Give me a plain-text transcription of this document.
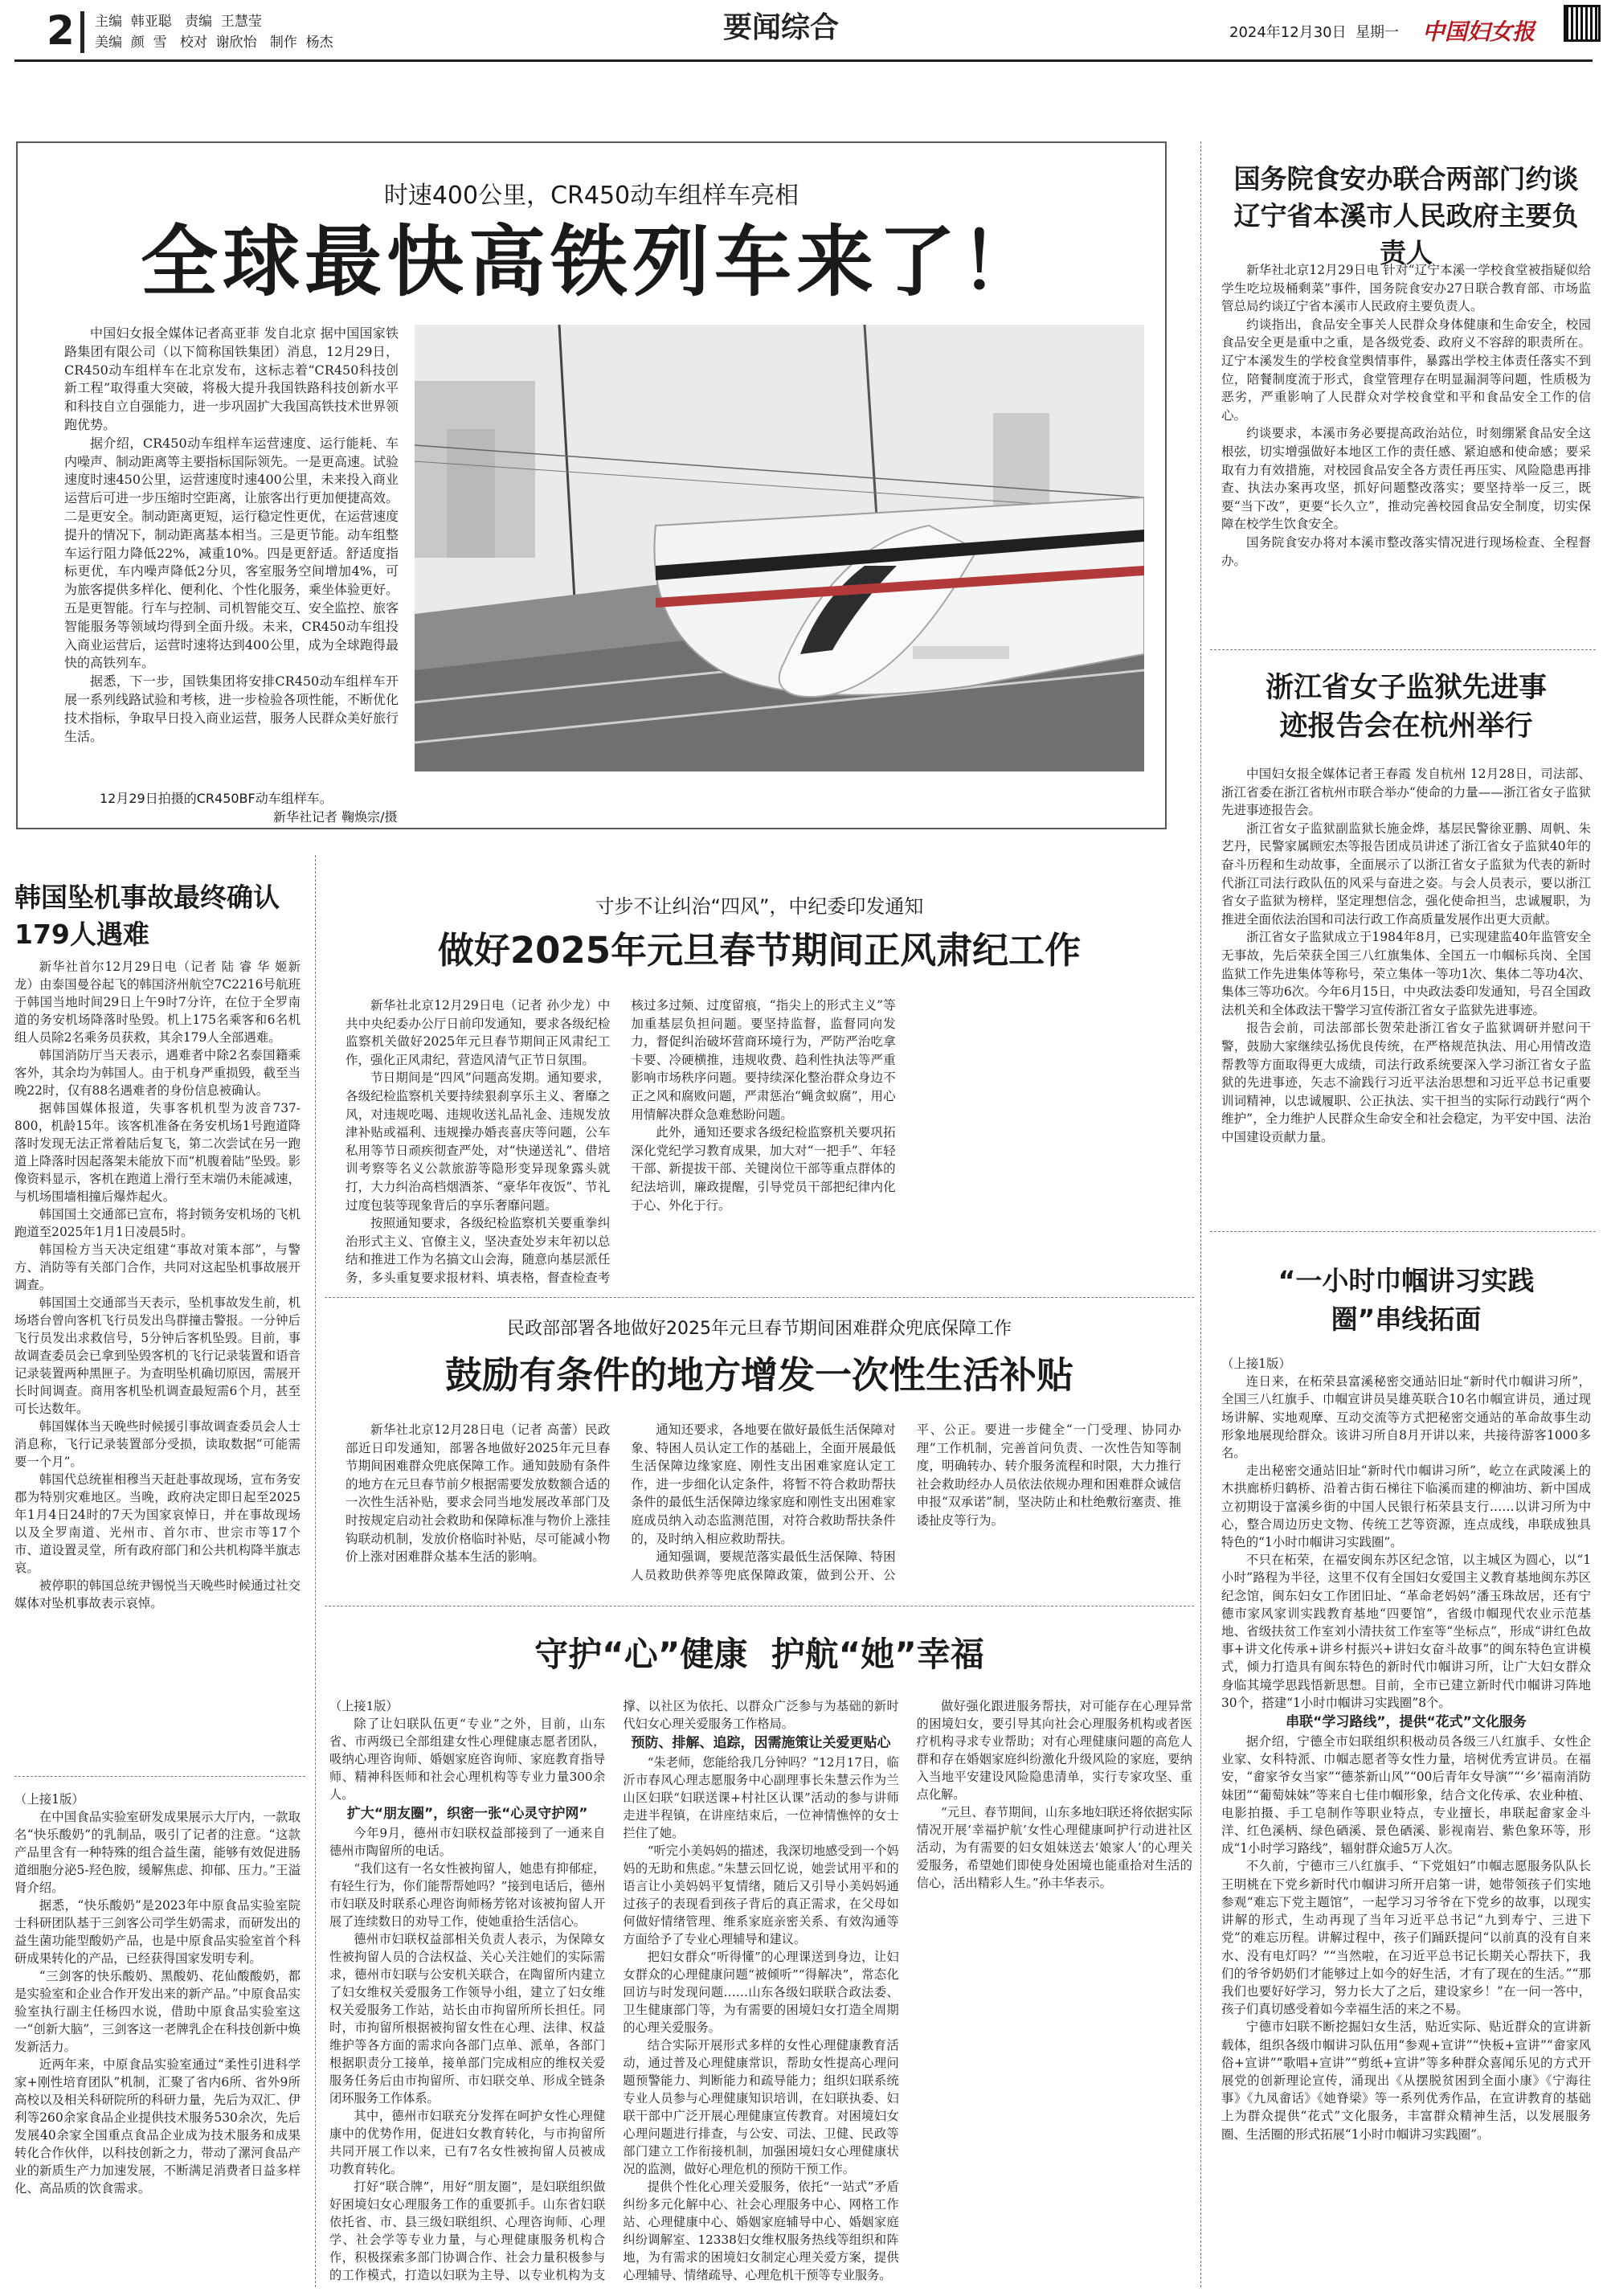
2 主编  韩亚聪   责编  王慧莹
美编  颜  雪   校对  谢欣怡   制作  杨杰	要闻综合	2024年12月30日  星期一 中国妇女报
时速400公里，CR450动车组样车亮相
全球最快高铁列车来了！

中国妇女报全媒体记者高亚菲 发自北京 据中国国家铁路集团有限公司（以下简称国铁集团）消息，12月29日，CR450动车组样车在北京发布，这标志着“CR450科技创新工程”取得重大突破，将极大提升我国铁路科技创新水平和科技自立自强能力，进一步巩固扩大我国高铁技术世界领跑优势。

据介绍，CR450动车组样车运营速度、运行能耗、车内噪声、制动距离等主要指标国际领先。一是更高速。试验速度时速450公里，运营速度时速400公里，未来投入商业运营后可进一步压缩时空距离，让旅客出行更加便捷高效。二是更安全。制动距离更短，运行稳定性更优，在运营速度提升的情况下，制动距离基本相当。三是更节能。动车组整车运行阻力降低22%，减重10%。四是更舒适。舒适度指标更优，车内噪声降低2分贝，客室服务空间增加4%，可为旅客提供多样化、便利化、个性化服务，乘坐体验更好。五是更智能。行车与控制、司机智能交互、安全监控、旅客智能服务等领域均得到全面升级。未来，CR450动车组投入商业运营后，运营时速将达到400公里，成为全球跑得最快的高铁列车。

据悉，下一步，国铁集团将安排CR450动车组样车开展一系列线路试验和考核，进一步检验各项性能，不断优化技术指标，争取早日投入商业运营，服务人民群众美好旅行生活。

12月29日拍摄的CR450BF动车组样车。
新华社记者 鞠焕宗/摄
国务院食安办联合两部门约谈辽宁省本溪市人民政府主要负责人

新华社北京12月29日电 针对“辽宁本溪一学校食堂被指疑似给学生吃垃圾桶剩菜”事件，国务院食安办27日联合教育部、市场监管总局约谈辽宁省本溪市人民政府主要负责人。

约谈指出，食品安全事关人民群众身体健康和生命安全，校园食品安全更是重中之重，是各级党委、政府义不容辞的职责所在。辽宁本溪发生的学校食堂舆情事件，暴露出学校主体责任落实不到位，陪餐制度流于形式，食堂管理存在明显漏洞等问题，性质极为恶劣，严重影响了人民群众对学校食堂和平和食品安全工作的信心。

约谈要求，本溪市务必要提高政治站位，时刻绷紧食品安全这根弦，切实增强做好本地区工作的责任感、紧迫感和使命感；要采取有力有效措施，对校园食品安全各方责任再压实、风险隐患再排查、执法办案再攻坚，抓好问题整改落实；要坚持举一反三，既要“当下改”，更要“长久立”，推动完善校园食品安全制度，切实保障在校学生饮食安全。

国务院食安办将对本溪市整改落实情况进行现场检查、全程督办。

浙江省女子监狱先进事迹报告会在杭州举行

中国妇女报全媒体记者王春霞 发自杭州 12月28日，司法部、浙江省委在浙江省杭州市联合举办“使命的力量——浙江省女子监狱先进事迹报告会。

浙江省女子监狱副监狱长施金烨，基层民警徐亚鹏、周帆、朱艺丹，民警家属顾宏杰等报告团成员讲述了浙江省女子监狱40年的奋斗历程和生动故事，全面展示了以浙江省女子监狱为代表的新时代浙江司法行政队伍的风采与奋进之姿。与会人员表示，要以浙江省女子监狱为榜样，坚定理想信念，强化使命担当，忠诚履职，为推进全面依法治国和司法行政工作高质量发展作出更大贡献。

浙江省女子监狱成立于1984年8月，已实现建监40年监管安全无事故，先后荣获全国三八红旗集体、全国五一巾帼标兵岗、全国监狱工作先进集体等称号，荣立集体一等功1次、集体二等功4次、集体三等功6次。今年6月15日，中央政法委印发通知，号召全国政法机关和全体政法干警学习宣传浙江省女子监狱先进事迹。

报告会前，司法部部长贺荣赴浙江省女子监狱调研并慰问干警，鼓励大家继续弘扬优良传统，在严格规范执法、用心用情改造帮教等方面取得更大成绩，司法行政系统要深入学习浙江省女子监狱的先进事迹，矢志不渝践行习近平法治思想和习近平总书记重要训词精神，以忠诚履职、公正执法、实干担当的实际行动践行“两个维护”，全力维护人民群众生命安全和社会稳定，为平安中国、法治中国建设贡献力量。

“一小时巾帼讲习实践圈”串线拓面

（上接1版）

连日来，在柘荣县富溪秘密交通站旧址“新时代巾帼讲习所”，全国三八红旗手、巾帼宣讲员吴雄英联合10名巾帼宣讲员，通过现场讲解、实地观摩、互动交流等方式把秘密交通站的革命故事生动形象地展现给群众。该讲习所自8月开讲以来，共接待游客1000多名。

走出秘密交通站旧址“新时代巾帼讲习所”，屹立在武陵溪上的木拱廊桥归鹤桥、沿着古街石梯往下临溪而建的柳油坊、新中国成立初期设于富溪乡街的中国人民银行柘荣县支行……以讲习所为中心，整合周边历史文物、传统工艺等资源，连点成线，串联成独具特色的“1小时巾帼讲习实践圈”。

不只在柘荣，在福安闽东苏区纪念馆，以主城区为圆心，以“1小时”路程为半径，这里不仅有全国妇女爱国主义教育基地闽东苏区纪念馆，闽东妇女工作团旧址、“革命老妈妈”潘玉珠故居，还有宁德市家风家训实践教育基地“四要馆”，省级巾帼现代农业示范基地、省级扶贫工作室刘小清扶贫工作室等“坐标点”，形成“讲红色故事+讲文化传承+讲乡村振兴+讲妇女奋斗故事”的闽东特色宣讲模式，倾力打造具有闽东特色的新时代巾帼讲习所，让广大妇女群众身临其境学思践悟新思想。目前，全市已建立新时代巾帼讲习阵地30个，搭建“1小时巾帼讲习实践圈”8个。

串联“学习路线”，提供“花式”文化服务

据介绍，宁德全市妇联组织积极动员各级三八红旗手、女性企业家、女科特派、巾帼志愿者等女性力量，培树优秀宣讲员。在福安，“畲家爷女当家”“德茶新山风”“00后青年女导演”“‘乡’福南消防妹团”“葡萄妹妹”等来自七佳巾帼形象，结合文化传承、农业种植、电影拍摄、手工皂制作等职业特点，专业擅长，串联起畲家金斗洋、红色溪柄、绿色硒溪、景色硒溪、影视南岩、紫色象环等，形成“1小时学习路线”，辐射群众逾5万人次。

不久前，宁德市三八红旗手、“下党姐妇”巾帼志愿服务队队长王明桃在下党乡新时代巾帼讲习所开启第一讲，她带领孩子们实地参观“难忘下党主题馆”，一起学习习爷爷在下党乡的故事，以现实讲解的形式，生动再现了当年习近平总书记“九到寿宁、三进下党”的难忘历程。讲解过程中，孩子们踊跃提问“以前真的没有自来水、没有电灯吗？”“当然啦，在习近平总书记长期关心帮扶下，我们的爷爷奶奶们才能够过上如今的好生活，才有了现在的生活。”“那我们也要好好学习，努力长大了之后，建设家乡！”在一问一答中，孩子们真切感受着如今幸福生活的来之不易。

宁德市妇联不断挖掘妇女生活，贴近实际、贴近群众的宣讲新载体，组织各级巾帼讲习队伍用“参观+宣讲”“快板+宣讲”“畲家风俗+宣讲”“歌唱+宣讲”“剪纸+宣讲”等多种群众喜闻乐见的方式开展党的创新理论宣传，涌现出《从摆脱贫困到全面小康》《宁海往事》《九凤畲话》《她脊梁》等一系列优秀作品，在宣讲教育的基础上为群众提供“花式”文化服务，丰富群众精神生活，以发展服务圈、生活圈的形式拓展“1小时巾帼讲习实践圈”。

韩国坠机事故最终确认179人遇难

新华社首尔12月29日电（记者 陆 睿 华 姬新龙）由泰国曼谷起飞的韩国济州航空7C2216号航班于韩国当地时间29日上午9时7分许，在位于全罗南道的务安机场降落时坠毁。机上175名乘客和6名机组人员除2名乘务员获救，其余179人全部遇难。

韩国消防厅当天表示，遇难者中除2名泰国籍乘客外，其余均为韩国人。由于机身严重损毁，截至当晚22时，仅有88名遇难者的身份信息被确认。

据韩国媒体报道，失事客机机型为波音737-800，机龄15年。该客机准备在务安机场1号跑道降落时发现无法正常着陆后复飞，第二次尝试在另一跑道上降落时因起落架未能放下而“机腹着陆”坠毁。影像资料显示，客机在跑道上滑行至末端仍未能减速，与机场围墙相撞后爆炸起火。

韩国国土交通部已宣布，将封锁务安机场的飞机跑道至2025年1月1日凌晨5时。

韩国检方当天决定组建“事故对策本部”，与警方、消防等有关部门合作，共同对这起坠机事故展开调查。

韩国国土交通部当天表示，坠机事故发生前，机场塔台曾向客机飞行员发出鸟群撞击警报。一分钟后飞行员发出求救信号，5分钟后客机坠毁。目前，事故调查委员会已拿到坠毁客机的飞行记录装置和语音记录装置两种黑匣子。为查明坠机确切原因，需展开长时间调查。商用客机坠机调查最短需6个月，甚至可长达数年。

韩国媒体当天晚些时候援引事故调查委员会人士消息称，飞行记录装置部分受损，读取数据“可能需要一个月”。

韩国代总统崔相穆当天赶赴事故现场，宣布务安郡为特别灾难地区。当晚，政府决定即日起至2025年1月4日24时的7天为国家哀悼日，并在事故现场以及全罗南道、光州市、首尔市、世宗市等17个市、道设置灵堂，所有政府部门和公共机构降半旗志哀。

被停职的韩国总统尹锡悦当天晚些时候通过社交媒体对坠机事故表示哀悼。

（上接1版）

在中国食品实验室研发成果展示大厅内，一款取名“快乐酸奶”的乳制品，吸引了记者的注意。“这款产品里含有一种特殊的组合益生菌，能够有效促进肠道细胞分泌5-羟色胺，缓解焦虑、抑郁、压力。”王溢肾介绍。

据悉，“快乐酸奶”是2023年中原食品实验室院士科研团队基于三剑客公司学生奶需求，而研发出的益生菌功能型酸奶产品，也是中原食品实验室首个科研成果转化的产品，已经获得国家发明专利。

“三剑客的快乐酸奶、黑酸奶、花仙酸酸奶，都是实验室和企业合作开发出来的新产品。”中原食品实验室执行副主任杨四水说，借助中原食品实验室这一“创新大脑”，三剑客这一老牌乳企在科技创新中焕发新活力。

近两年来，中原食品实验室通过“柔性引进科学家+刚性培育团队”机制，汇聚了省内6所、省外9所高校以及相关科研院所的科研力量，先后为双汇、伊利等260余家食品企业提供技术服务530余次，先后发展40余家全国重点食品企业成为技术服务和成果转化合作伙伴，以科技创新之力，带动了漯河食品产业的新质生产力加速发展，不断满足消费者日益多样化、高品质的饮食需求。

寸步不让纠治“四风”，中纪委印发通知
做好2025年元旦春节期间正风肃纪工作

新华社北京12月29日电（记者 孙少龙）中共中央纪委办公厅日前印发通知，要求各级纪检监察机关做好2025年元旦春节期间正风肃纪工作，强化正风肃纪，营造风清气正节日氛围。

节日期间是“四风”问题高发期。通知要求，各级纪检监察机关要持续狠刹享乐主义、奢靡之风，对违规吃喝、违规收送礼品礼金、违规发放津补贴或福利、违规操办婚丧喜庆等问题，公车私用等节日顽疾彻查严处，对“快递送礼”、借培训考察等名义公款旅游等隐形变异现象露头就打，大力纠治高档烟酒茶、“豪华年夜饭”、节礼过度包装等现象背后的享乐奢靡问题。

按照通知要求，各级纪检监察机关要重拳纠治形式主义、官僚主义，坚决查处岁末年初以总结和推进工作为名搞文山会海，随意向基层派任务，多头重复要求报材料、填表格，督查检查考核过多过频、过度留痕，“指尖上的形式主义”等加重基层负担问题。要坚持监督，监督同向发力，督促纠治破坏营商环境行为，严防严治吃拿卡要、冷硬横推，违规收费、趋利性执法等严重影响市场秩序问题。要持续深化整治群众身边不正之风和腐败问题，严肃惩治“蝇贪蚁腐”，用心用情解决群众急难愁盼问题。

此外，通知还要求各级纪检监察机关要巩拓深化党纪学习教育成果，加大对“一把手”、年轻干部、新提拔干部、关键岗位干部等重点群体的纪法培训，廉政提醒，引导党员干部把纪律内化于心、外化于行。

民政部部署各地做好2025年元旦春节期间困难群众兜底保障工作
鼓励有条件的地方增发一次性生活补贴

新华社北京12月28日电（记者 高蕾）民政部近日印发通知，部署各地做好2025年元旦春节期间困难群众兜底保障工作。通知鼓励有条件的地方在元旦春节前夕根据需要发放数额合适的一次性生活补贴，要求会同当地发展改革部门及时按规定启动社会救助和保障标准与物价上涨挂钩联动机制，发放价格临时补贴，尽可能减小物价上涨对困难群众基本生活的影响。

通知还要求，各地要在做好最低生活保障对象、特困人员认定工作的基础上，全面开展最低生活保障边缘家庭、刚性支出困难家庭认定工作，进一步细化认定条件，将暂不符合救助帮扶条件的最低生活保障边缘家庭和刚性支出困难家庭成员纳入动态监测范围，对符合救助帮扶条件的，及时纳入相应救助帮扶。

通知强调，要规范落实最低生活保障、特困人员救助供养等兜底保障政策，做到公开、公平、公正。要进一步健全“一门受理、协同办理”工作机制，完善首问负责、一次性告知等制度，明确转办、转介服务流程和时限，大力推行社会救助经办人员依法依规办理和困难群众诚信申报“双承诺”制，坚决防止和杜绝敷衍塞责、推诿扯皮等行为。

守护“心”健康  护航“她”幸福

（上接1版）

除了让妇联队伍更“专业”之外，目前，山东省、市两级已全部组建女性心理健康志愿者团队，吸纳心理咨询师、婚姻家庭咨询师、家庭教育指导师、精神科医师和社会心理机构等专业力量300余人。

扩大“朋友圈”，织密一张“心灵守护网”

今年9月，德州市妇联权益部接到了一通来自德州市陶留所的电话。

“我们这有一名女性被拘留人，她患有抑郁症，有轻生行为，你们能帮帮她吗？”接到电话后，德州市妇联及时联系心理咨询师杨芳铭对该被拘留人开展了连续数日的劝导工作，使她重拾生活信心。

德州市妇联权益部相关负责人表示，为保障女性被拘留人员的合法权益、关心关注她们的实际需求，德州市妇联与公安机关联合，在陶留所内建立了妇女维权关爱服务工作领导小组，建立了妇女维权关爱服务工作站，站长由市拘留所所长担任。同时，市拘留所根据被拘留女性在心理、法律、权益维护等各方面的需求向各部门点单、派单，各部门根据职责分工接单，接单部门完成相应的维权关爱服务任务后由市拘留所、市妇联交单、形成全链条闭环服务工作体系。

其中，德州市妇联充分发挥在呵护女性心理健康中的优势作用，促进妇女教育转化，与市拘留所共同开展工作以来，已有7名女性被拘留人员被成功教育转化。

打好“联合牌”，用好“朋友圈”，是妇联组织做好困境妇女心理服务工作的重要抓手。山东省妇联依托省、市、县三级妇联组织、心理咨询师、心理学、社会学等专业力量，与心理健康服务机构合作，积极探索多部门协调合作、社会力量积极参与的工作模式，打造以妇联为主导、以专业机构为支撑、以社区为依托、以群众广泛参与为基础的新时代妇女心理关爱服务工作格局。

预防、排解、追踪，因需施策让关爱更贴心

“朱老师，您能给我几分钟吗？”12月17日，临沂市春风心理志愿服务中心副理事长朱慧云作为兰山区妇联“妇联送课+村社区认课”活动的参与讲师走进半程镇，在讲座结束后，一位神情憔悴的女士拦住了她。

“听完小美妈妈的描述，我深切地感受到一个妈妈的无助和焦虑。”朱慧云回忆说，她尝试用平和的语言让小美妈妈平复情绪，随后又引导小美妈妈通过孩子的表现看到孩子背后的真正需求，在父母如何做好情绪管理、维系家庭亲密关系、有效沟通等方面给予了专业心理辅导和建议。

把妇女群众“听得懂”的心理课送到身边，让妇女群众的心理健康问题“被倾听”“得解决”，常态化回访与时发现问题……山东各级妇联联合政法委、卫生健康部门等，为有需要的困境妇女打造全周期的心理关爱服务。

结合实际开展形式多样的女性心理健康教育活动，通过普及心理健康常识，帮助女性提高心理问题预警能力、判断能力和疏导能力；组织妇联系统专业人员参与心理健康知识培训，在妇联执委、妇联干部中广泛开展心理健康宣传教育。对困境妇女心理问题进行排查，与公安、司法、卫健、民政等部门建立工作衔接机制，加强困境妇女心理健康状况的监测，做好心理危机的预防干预工作。

提供个性化心理关爱服务，依托“一站式”矛盾纠纷多元化解中心、社会心理服务中心、网格工作站、心理健康中心、婚姻家庭辅导中心、婚姻家庭纠纷调解室、12338妇女维权服务热线等组织和阵地，为有需求的困境妇女制定心理关爱方案，提供心理辅导、情绪疏导、心理危机干预等专业服务。

做好强化跟进服务帮扶，对可能存在心理异常的困境妇女，要引导其向社会心理服务机构或者医疗机构寻求专业帮助；对有心理健康问题的高危人群和存在婚姻家庭纠纷激化升级风险的家庭，要纳入当地平安建设风险隐患清单，实行专家攻坚、重点化解。

“元旦、春节期间，山东多地妇联还将依据实际情况开展‘幸福护航’女性心理健康呵护行动进社区活动，为有需要的妇女姐妹送去‘娘家人’的心理关爱服务，希望她们即使身处困境也能重拾对生活的信心，活出精彩人生。”孙丰华表示。
